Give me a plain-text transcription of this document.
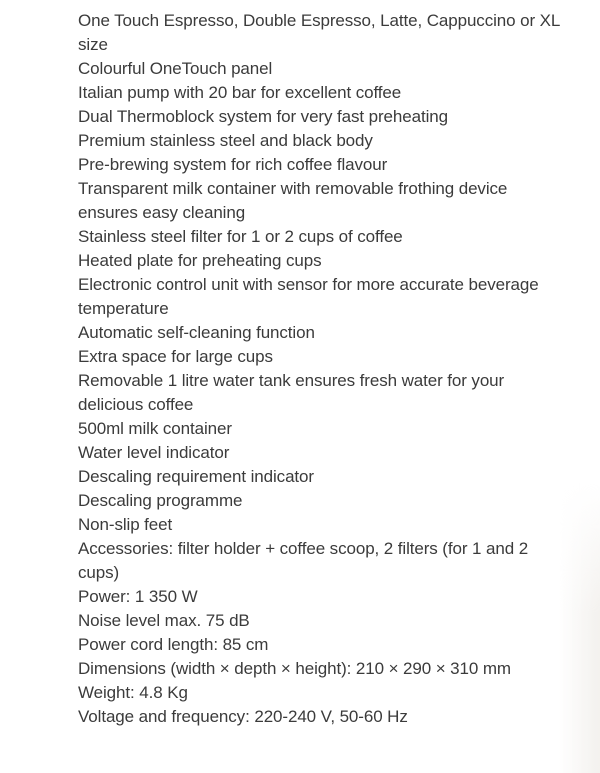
One Touch Espresso, Double Espresso, Latte, Cappuccino or XL size
Colourful OneTouch panel
Italian pump with 20 bar for excellent coffee
Dual Thermoblock system for very fast preheating
Premium stainless steel and black body
Pre-brewing system for rich coffee flavour
Transparent milk container with removable frothing device ensures easy cleaning
Stainless steel filter for 1 or 2 cups of coffee
Heated plate for preheating cups
Electronic control unit with sensor for more accurate beverage temperature
Automatic self-cleaning function
Extra space for large cups
Removable 1 litre water tank ensures fresh water for your delicious coffee
500ml milk container
Water level indicator
Descaling requirement indicator
Descaling programme
Non-slip feet
Accessories: filter holder + coffee scoop, 2 filters (for 1 and 2 cups)
Power: 1 350 W
Noise level max. 75 dB
Power cord length: 85 cm
Dimensions (width × depth × height): 210 × 290 × 310 mm
Weight: 4.8 Kg
Voltage and frequency: 220-240 V, 50-60 Hz
